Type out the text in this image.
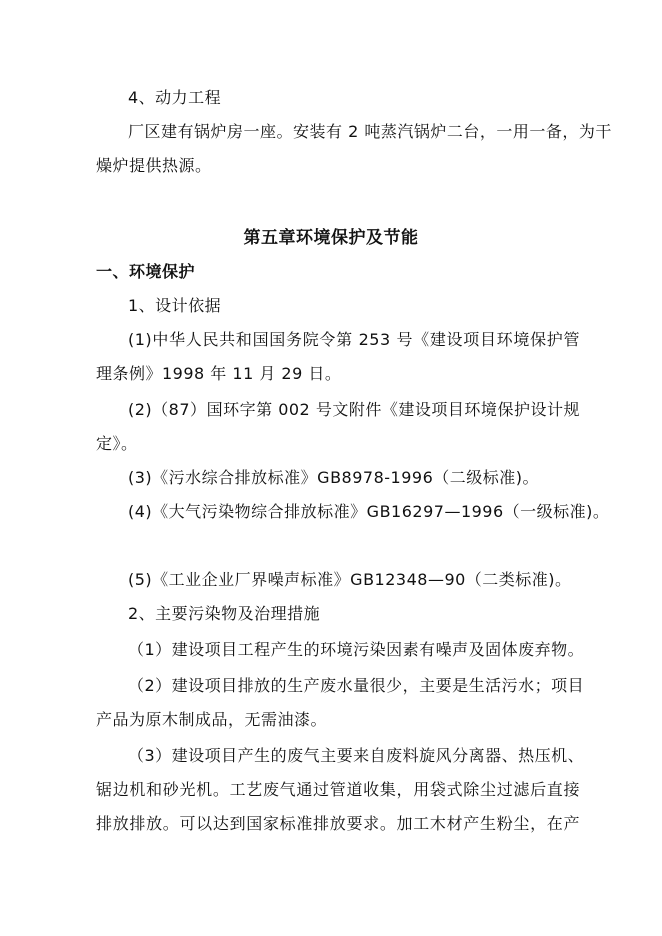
4、动力工程
厂区建有锅炉房一座。安装有 2 吨蒸汽锅炉二台，一用一备，为干
燥炉提供热源。
第五章环境保护及节能
一、环境保护
1、设计依据
(1)中华人民共和国国务院令第 253 号《建设项目环境保护管
理条例》1998 年 11 月 29 日。
(2)（87）国环字第 002 号文附件《建设项目环境保护设计规
定》。
(3)《污水综合排放标准》GB8978-1996（二级标准)。
(4)《大气污染物综合排放标准》GB16297—1996（一级标准)。
(5)《工业企业厂界噪声标准》GB12348—90（二类标准)。
2、主要污染物及治理措施
（1）建设项目工程产生的环境污染因素有噪声及固体废弃物。
（2）建设项目排放的生产废水量很少，主要是生活污水；项目
产品为原木制成品，无需油漆。
（3）建设项目产生的废气主要来自废料旋风分离器、热压机、
锯边机和砂光机。工艺废气通过管道收集，用袋式除尘过滤后直接
排放排放。可以达到国家标准排放要求。加工木材产生粉尘，在产
